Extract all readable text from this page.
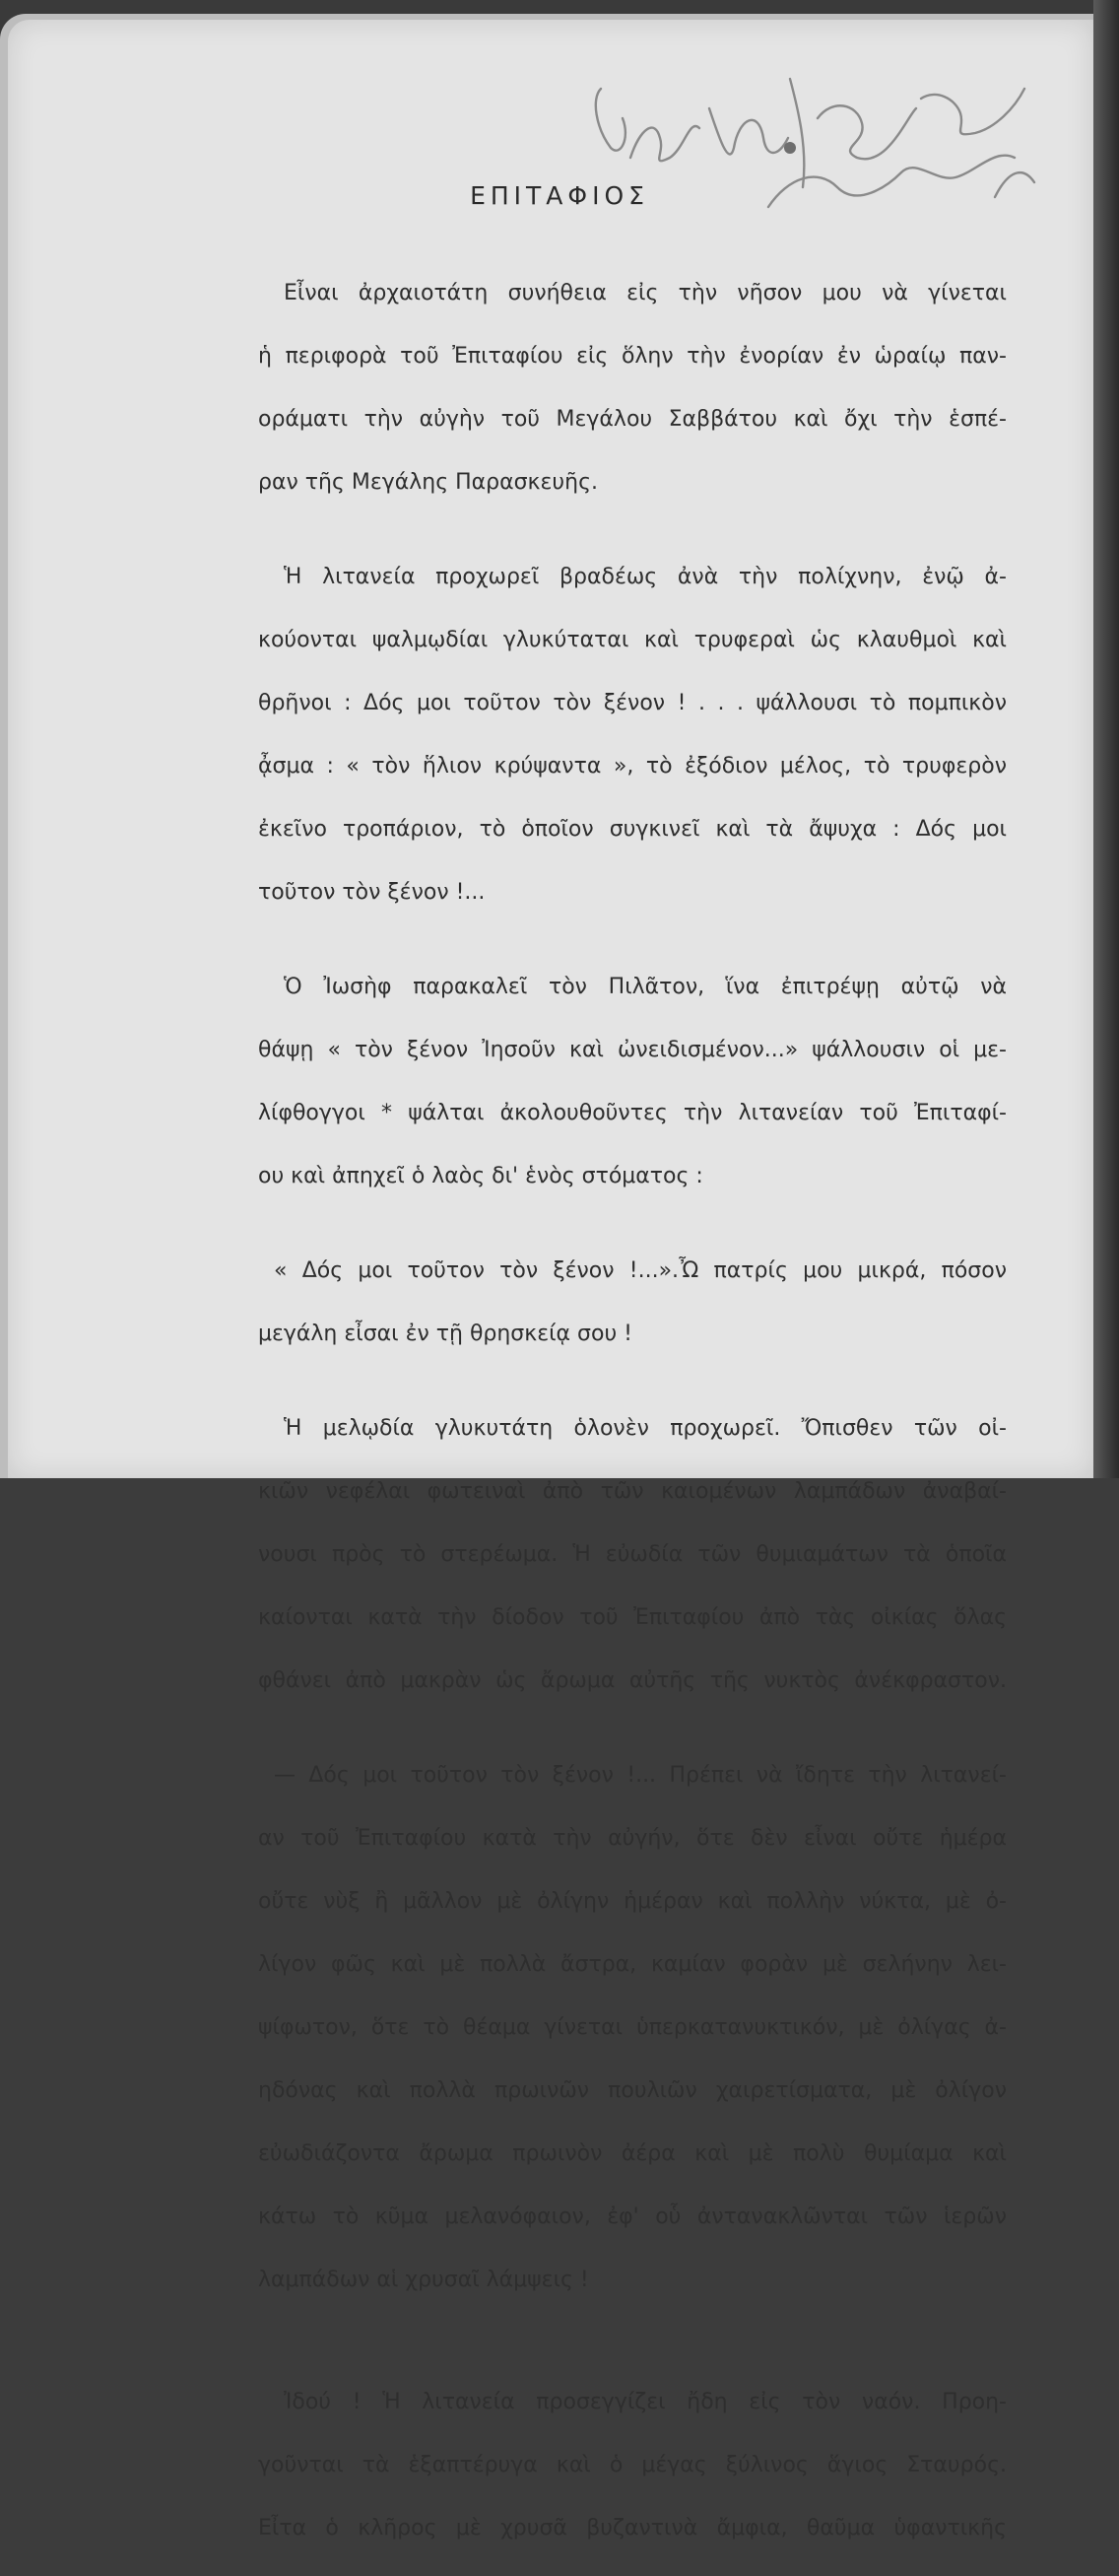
ΕΠΙΤΑΦΙΟΣ

Εἶναι ἀρχαιοτάτη συνήθεια εἰς τὴν νῆσον μου νὰ γίνεται

ἡ περιφορὰ τοῦ Ἐπιταφίου εἰς ὅλην τὴν ἐνορίαν ἐν ὡραίῳ παν-

οράματι τὴν αὐγὴν τοῦ Μεγάλου Σαββάτου καὶ ὄχι τὴν ἑσπέ-

ραν τῆς Μεγάλης Παρασκευῆς.

Ἡ λιτανεία προχωρεῖ βραδέως ἀνὰ τὴν πολίχνην, ἐνῷ ἀ-

κούονται ψαλμῳδίαι γλυκύταται καὶ τρυφεραὶ ὡς κλαυθμοὶ καὶ

θρῆνοι : Δός μοι τοῦτον τὸν ξένον ! . . . ψάλλουσι τὸ πομπικὸν

ᾆσμα : « τὸν ἥλιον κρύψαντα », τὸ ἐξόδιον μέλος, τὸ τρυφερὸν

ἐκεῖνο τροπάριον, τὸ ὁποῖον συγκινεῖ καὶ τὰ ἄψυχα : Δός μοι

τοῦτον τὸν ξένον !...

Ὁ Ἰωσὴφ παρακαλεῖ τὸν Πιλᾶτον, ἵνα ἐπιτρέψῃ αὐτῷ νὰ

θάψῃ « τὸν ξένον Ἰησοῦν καὶ ὠνειδισμένον...» ψάλλουσιν οἱ με-

λίφθογγοι * ψάλται ἀκολουθοῦντες τὴν λιτανείαν τοῦ Ἐπιταφί-

ου καὶ ἀπηχεῖ ὁ λαὸς δι' ἑνὸς στόματος :

« Δός μοι τοῦτον τὸν ξένον !...».Ὦ πατρίς μου μικρά, πόσον

μεγάλη εἶσαι ἐν τῇ θρησκείᾳ σου !

Ἡ μελῳδία γλυκυτάτη ὁλονὲν προχωρεῖ. Ὄπισθεν τῶν οἰ-

κιῶν νεφέλαι φωτειναὶ ἀπὸ τῶν καιομένων λαμπάδων ἀναβαί-

νουσι πρὸς τὸ στερέωμα. Ἡ εὐωδία τῶν θυμιαμάτων τὰ ὁποῖα

καίονται κατὰ τὴν δίοδον τοῦ Ἐπιταφίου ἀπὸ τὰς οἰκίας ὅλας

φθάνει ἀπὸ μακρὰν ὡς ἄρωμα αὐτῆς τῆς νυκτὸς ἀνέκφραστον.

— Δός μοι τοῦτον τὸν ξένον !... Πρέπει νὰ ἴδητε τὴν λιτανεί-

αν τοῦ Ἐπιταφίου κατὰ τὴν αὐγήν, ὅτε δὲν εἶναι οὔτε ἡμέρα

οὔτε νὺξ ἢ μᾶλλον μὲ ὀλίγην ἡμέραν καὶ πολλὴν νύκτα, μὲ ὀ-

λίγον φῶς καὶ μὲ πολλὰ ἄστρα, καμίαν φορὰν μὲ σελήνην λει-

ψίφωτον, ὅτε τὸ θέαμα γίνεται ὑπερκατανυκτικόν, μὲ ὀλίγας ἀ-

ηδόνας καὶ πολλὰ πρωινῶν πουλιῶν χαιρετίσματα, μὲ ὀλίγον

εὐωδιάζοντα ἄρωμα πρωινὸν ἀέρα καὶ μὲ πολὺ θυμίαμα καὶ

κάτω τὸ κῦμα μελανόφαιον, ἐφ' οὗ ἀντανακλῶνται τῶν ἱερῶν

λαμπάδων αἱ χρυσαῖ λάμψεις !

Ἰδού ! Ἡ λιτανεία προσεγγίζει ἤδη εἰς τὸν ναόν. Προη-

γοῦνται τὰ ἑξαπτέρυγα καὶ ὁ μέγας ξύλινος ἅγιος Σταυρός.

Εἶτα ὁ κλῆρος μὲ χρυσᾶ βυζαντινὰ ἄμφια, θαῦμα ὑφαντικῆς
